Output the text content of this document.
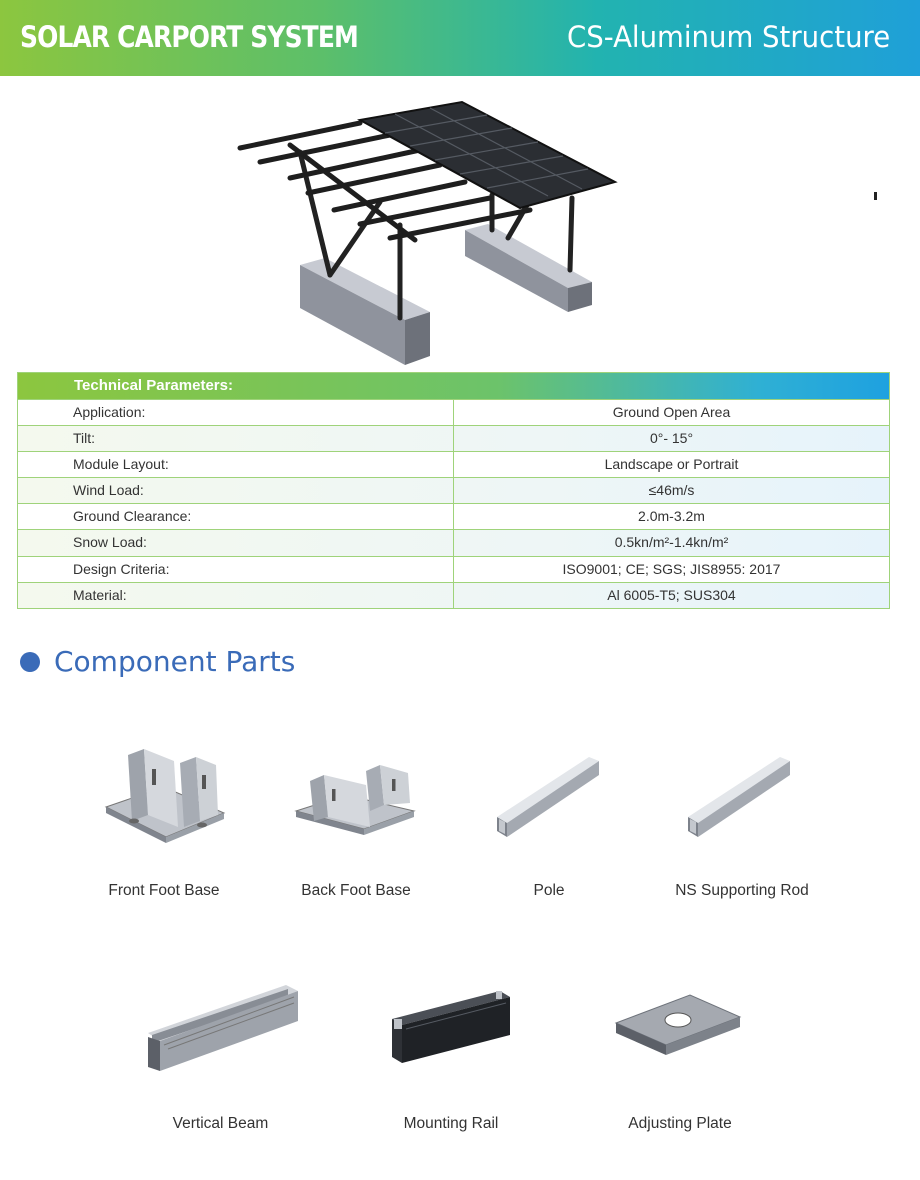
SOLAR CARPORT SYSTEM	CS-Aluminum Structure
Technical Parameters:
Application:	Ground Open Area
Tilt:	0°- 15°
Module Layout:	Landscape or Portrait
Wind Load:	≤46m/s
Ground Clearance:	2.0m-3.2m
Snow Load:	0.5kn/m²-1.4kn/m²
Design Criteria:	ISO9001; CE; SGS; JIS8955: 2017
Material:	Al 6005-T5; SUS304
Component Parts
Front Foot Base	Back Foot Base	Pole	NS Supporting Rod
Vertical Beam	Mounting Rail	Adjusting Plate
